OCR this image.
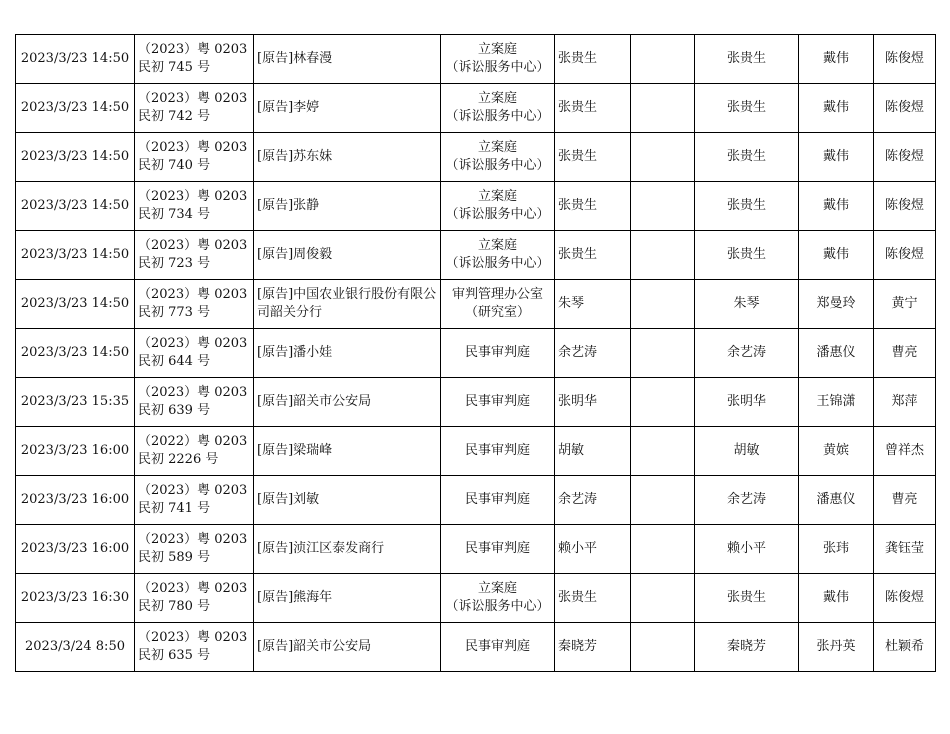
2023/3/23 14:50	（2023）粤 0203
民初 745 号	[原告]林春漫	立案庭
（诉讼服务中心）	张贵生		张贵生	戴伟	陈俊煜
2023/3/23 14:50	（2023）粤 0203
民初 742 号	[原告]李婷	立案庭
（诉讼服务中心）	张贵生		张贵生	戴伟	陈俊煜
2023/3/23 14:50	（2023）粤 0203
民初 740 号	[原告]苏东妹	立案庭
（诉讼服务中心）	张贵生		张贵生	戴伟	陈俊煜
2023/3/23 14:50	（2023）粤 0203
民初 734 号	[原告]张静	立案庭
（诉讼服务中心）	张贵生		张贵生	戴伟	陈俊煜
2023/3/23 14:50	（2023）粤 0203
民初 723 号	[原告]周俊毅	立案庭
（诉讼服务中心）	张贵生		张贵生	戴伟	陈俊煜
2023/3/23 14:50	（2023）粤 0203
民初 773 号	[原告]中国农业银行股份有限公司韶关分行	审判管理办公室
（研究室）	朱琴		朱琴	郑曼玲	黄宁
2023/3/23 14:50	（2023）粤 0203
民初 644 号	[原告]潘小娃	民事审判庭	余艺涛		余艺涛	潘惠仪	曹亮
2023/3/23 15:35	（2023）粤 0203
民初 639 号	[原告]韶关市公安局	民事审判庭	张明华		张明华	王锦潇	郑萍
2023/3/23 16:00	（2022）粤 0203
民初 2226 号	[原告]梁瑞峰	民事审判庭	胡敏		胡敏	黄嫔	曾祥杰
2023/3/23 16:00	（2023）粤 0203
民初 741 号	[原告]刘敏	民事审判庭	余艺涛		余艺涛	潘惠仪	曹亮
2023/3/23 16:00	（2023）粤 0203
民初 589 号	[原告]浈江区泰发商行	民事审判庭	赖小平		赖小平	张玮	龚钰莹
2023/3/23 16:30	（2023）粤 0203
民初 780 号	[原告]熊海年	立案庭
（诉讼服务中心）	张贵生		张贵生	戴伟	陈俊煜
2023/3/24 8:50	（2023）粤 0203
民初 635 号	[原告]韶关市公安局	民事审判庭	秦晓芳		秦晓芳	张丹英	杜颖希
